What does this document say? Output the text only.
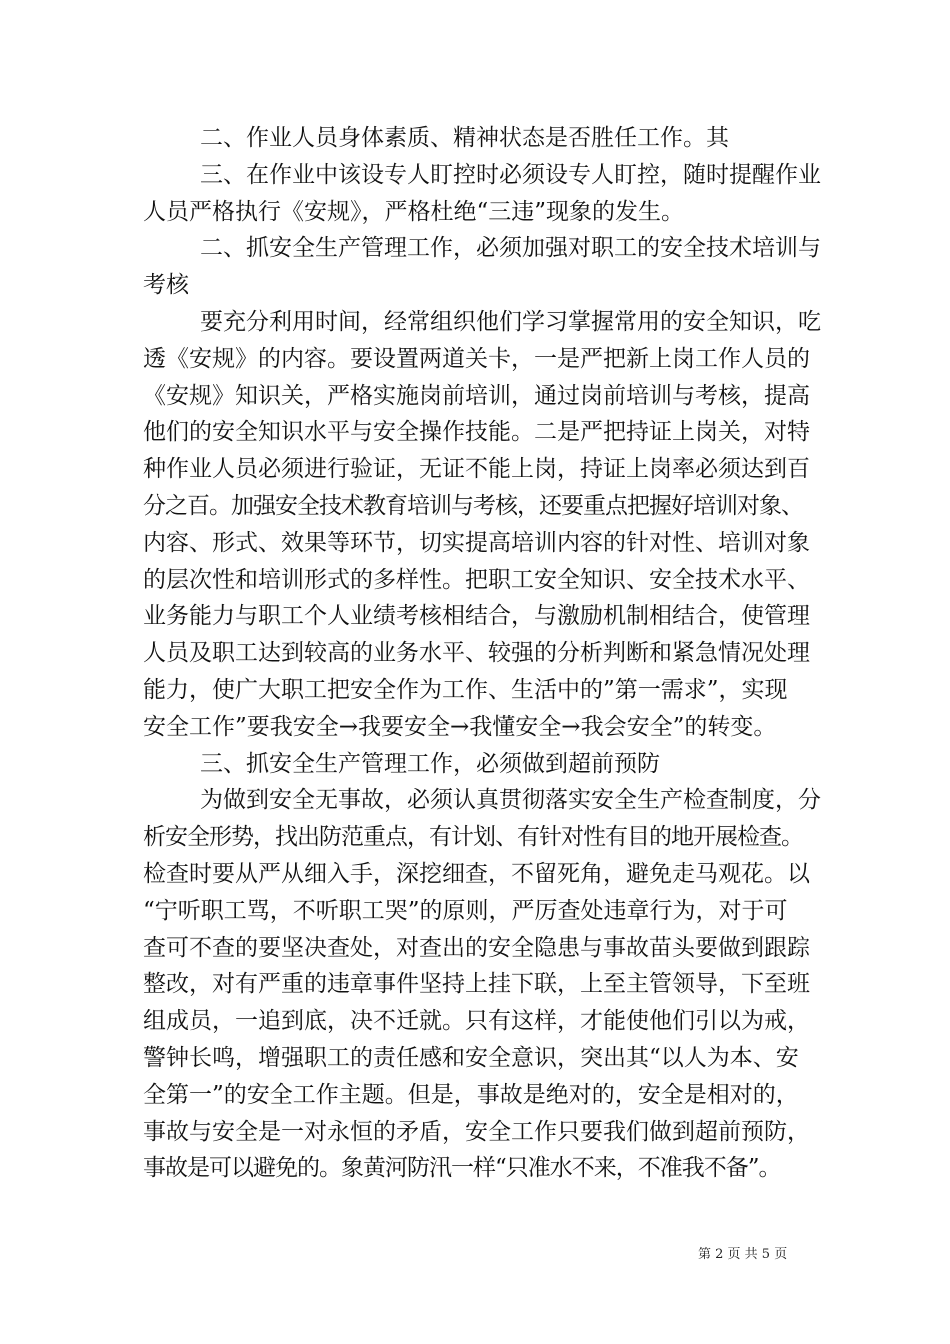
二、作业人员身体素质、精神状态是否胜任工作。其
三、在作业中该设专人盯控时必须设专人盯控，随时提醒作业
人员严格执行《安规》，严格杜绝“三违”现象的发生。
二、抓安全生产管理工作，必须加强对职工的安全技术培训与
考核
要充分利用时间，经常组织他们学习掌握常用的安全知识，吃
透《安规》的内容。要设置两道关卡，一是严把新上岗工作人员的
《安规》知识关，严格实施岗前培训，通过岗前培训与考核，提高
他们的安全知识水平与安全操作技能。二是严把持证上岗关，对特
种作业人员必须进行验证，无证不能上岗，持证上岗率必须达到百
分之百。加强安全技术教育培训与考核，还要重点把握好培训对象、
内容、形式、效果等环节，切实提高培训内容的针对性、培训对象
的层次性和培训形式的多样性。把职工安全知识、安全技术水平、
业务能力与职工个人业绩考核相结合，与激励机制相结合，使管理
人员及职工达到较高的业务水平、较强的分析判断和紧急情况处理
能力，使广大职工把安全作为工作、生活中的”第一需求”，实现
安全工作”要我安全→我要安全→我懂安全→我会安全”的转变。
三、抓安全生产管理工作，必须做到超前预防
为做到安全无事故，必须认真贯彻落实安全生产检查制度，分
析安全形势，找出防范重点，有计划、有针对性有目的地开展检查。
检查时要从严从细入手，深挖细查，不留死角，避免走马观花。以
“宁听职工骂，不听职工哭”的原则，严厉查处违章行为，对于可
查可不查的要坚决查处，对查出的安全隐患与事故苗头要做到跟踪
整改，对有严重的违章事件坚持上挂下联，上至主管领导，下至班
组成员，一追到底，决不迁就。只有这样，才能使他们引以为戒，
警钟长鸣，增强职工的责任感和安全意识，突出其“以人为本、安
全第一”的安全工作主题。但是，事故是绝对的，安全是相对的，
事故与安全是一对永恒的矛盾，安全工作只要我们做到超前预防，
事故是可以避免的。象黄河防汛一样“只准水不来，不准我不备”。
第 2 页 共 5 页
